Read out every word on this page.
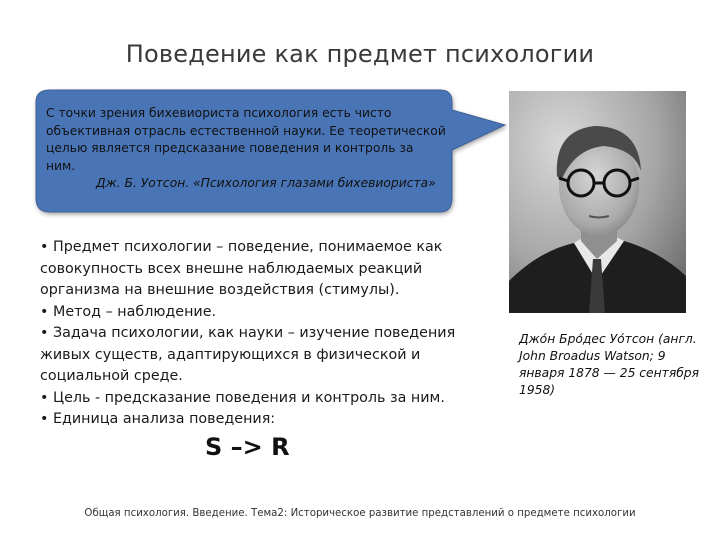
Поведение как предмет психологии
С точки зрения бихевиориста психология есть чисто объективная отрасль естественной науки. Ее теоретической целью является предсказание поведения и контроль за ним.
Дж. Б. Уотсон. «Психология глазами бихевиориста»
• Предмет психологии – поведение, понимаемое как совокупность всех внешне наблюдаемых реакций организма на внешние воздействия (стимулы).
• Метод – наблюдение.
• Задача психологии, как науки – изучение поведения живых существ, адаптирующихся в физической и социальной среде.
• Цель - предсказание поведения и контроль за ним.
• Единица анализа поведения:
S –> R
Джо́н Бро́дес Уо́тсон (англ. John Broadus Watson; 9 января 1878 — 25 сентября 1958)
Общая психология. Введение. Тема2: Историческое развитие представлений о предмете психологии
